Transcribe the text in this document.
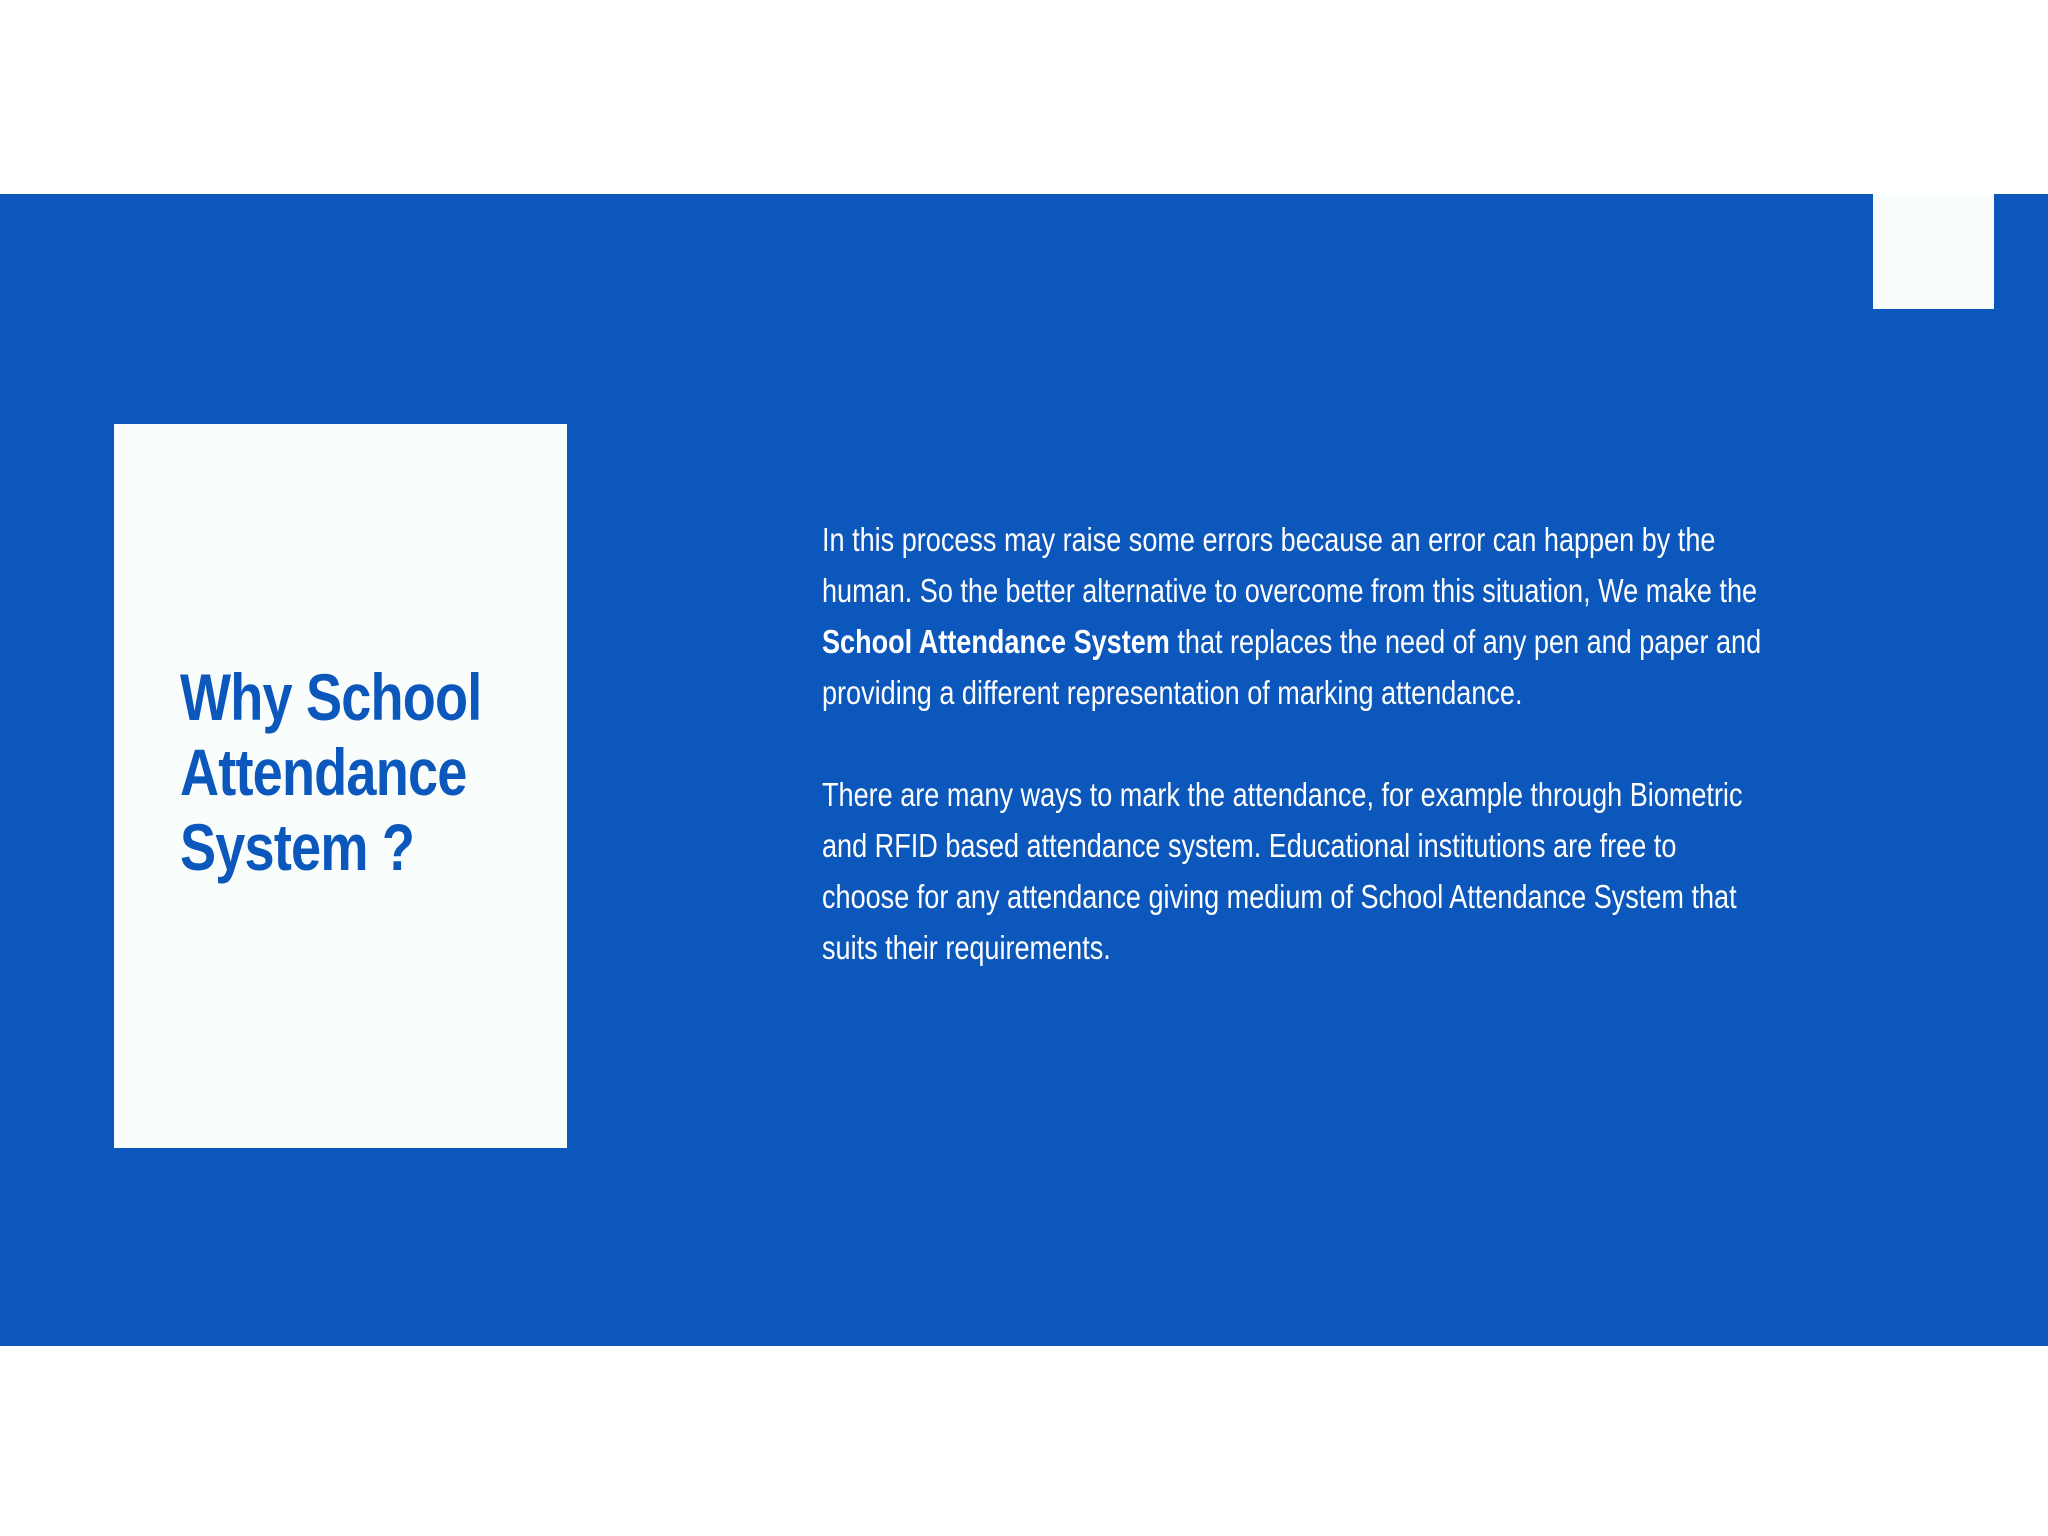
Why School
Attendance
System ?

In this process may raise some errors because an error can happen by the human. So the better alternative to overcome from this situation, We make the School Attendance System that replaces the need of any pen and paper and providing a different representation of marking attendance.

There are many ways to mark the attendance, for example through Biometric and RFID based attendance system. Educational institutions are free to choose for any attendance giving medium of School Attendance System that suits their requirements.
